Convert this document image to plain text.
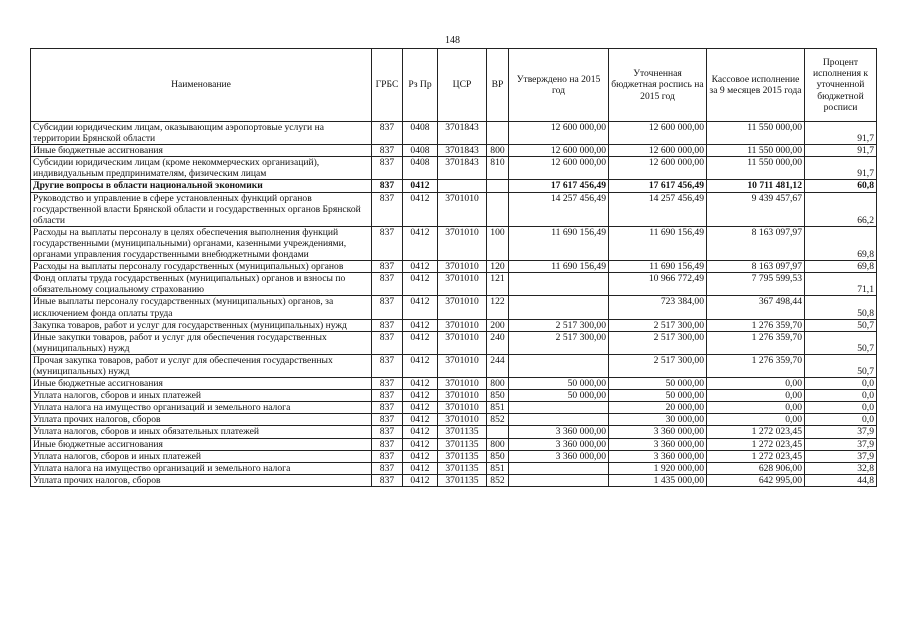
148
Наименование	ГРБС	Рз Пр	ЦСР	ВР	Утверждено на 2015 год	Уточненная бюджетная роспись на 2015 год	Кассовое исполнение за 9 месяцев 2015 года	Процент исполнения к уточненной бюджетной росписи
Субсидии юридическим лицам, оказывающим аэропортовые услуги на территории Брянской области	837	0408	3701843		12 600 000,00	12 600 000,00	11 550 000,00	91,7
Иные бюджетные ассигнования	837	0408	3701843	800	12 600 000,00	12 600 000,00	11 550 000,00	91,7
Субсидии юридическим лицам (кроме некоммерческих организаций), индивидуальным предпринимателям, физическим лицам	837	0408	3701843	810	12 600 000,00	12 600 000,00	11 550 000,00	91,7
Другие вопросы в области национальной экономики	837	0412			17 617 456,49	17 617 456,49	10 711 481,12	60,8
Руководство и управление в сфере установленных функций органов государственной власти Брянской области и государственных органов Брянской области	837	0412	3701010		14 257 456,49	14 257 456,49	9 439 457,67	66,2
Расходы на выплаты персоналу в целях обеспечения выполнения функций государственными (муниципальными) органами, казенными учреждениями, органами управления государственными внебюджетными фондами	837	0412	3701010	100	11 690 156,49	11 690 156,49	8 163 097,97	69,8
Расходы на выплаты персоналу государственных (муниципальных) органов	837	0412	3701010	120	11 690 156,49	11 690 156,49	8 163 097,97	69,8
Фонд оплаты труда государственных (муниципальных) органов и взносы по обязательному социальному страхованию	837	0412	3701010	121		10 966 772,49	7 795 599,53	71,1
Иные выплаты персоналу государственных (муниципальных) органов, за исключением фонда оплаты труда	837	0412	3701010	122		723 384,00	367 498,44	50,8
Закупка товаров, работ и услуг для государственных (муниципальных) нужд	837	0412	3701010	200	2 517 300,00	2 517 300,00	1 276 359,70	50,7
Иные закупки товаров, работ и услуг для обеспечения государственных (муниципальных) нужд	837	0412	3701010	240	2 517 300,00	2 517 300,00	1 276 359,70	50,7
Прочая закупка товаров, работ и услуг для обеспечения государственных (муниципальных) нужд	837	0412	3701010	244		2 517 300,00	1 276 359,70	50,7
Иные бюджетные ассигнования	837	0412	3701010	800	50 000,00	50 000,00	0,00	0,0
Уплата налогов, сборов и иных платежей	837	0412	3701010	850	50 000,00	50 000,00	0,00	0,0
Уплата налога на имущество организаций и земельного налога	837	0412	3701010	851		20 000,00	0,00	0,0
Уплата прочих налогов, сборов	837	0412	3701010	852		30 000,00	0,00	0,0
Уплата налогов, сборов и иных обязательных платежей	837	0412	3701135		3 360 000,00	3 360 000,00	1 272 023,45	37,9
Иные бюджетные ассигнования	837	0412	3701135	800	3 360 000,00	3 360 000,00	1 272 023,45	37,9
Уплата налогов, сборов и иных платежей	837	0412	3701135	850	3 360 000,00	3 360 000,00	1 272 023,45	37,9
Уплата налога на имущество организаций и земельного налога	837	0412	3701135	851		1 920 000,00	628 906,00	32,8
Уплата прочих налогов, сборов	837	0412	3701135	852		1 435 000,00	642 995,00	44,8
